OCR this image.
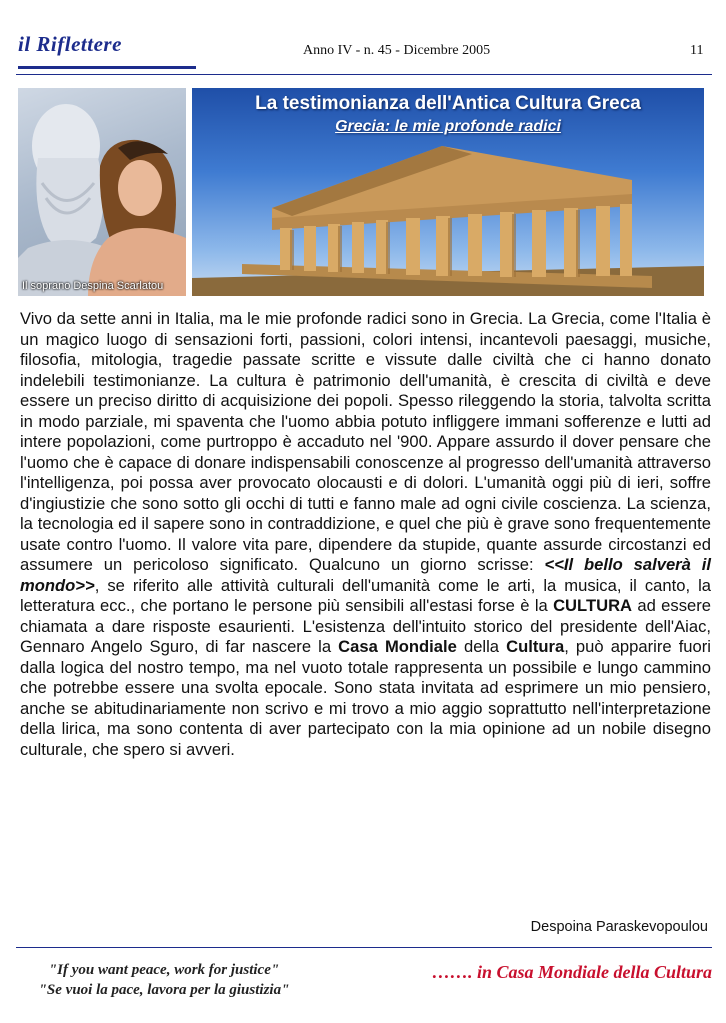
il Riflettere	Anno IV - n. 45 - Dicembre 2005	11
Il soprano Despina Scarlatou
La testimonianza dell'Antica Cultura Greca
Grecia: le mie profonde radici

Vivo da sette anni in Italia, ma le mie profonde radici sono in Grecia. La Grecia, come l'Italia è un magico luogo di sensazioni forti, passioni, colori intensi, incantevoli paesaggi, musiche, filosofia, mitologia, tragedie passate scritte e vissute dalle civiltà che ci hanno donato indelebili testimonianze. La cultura è patrimonio dell'umanità, è crescita di civiltà e deve essere un preciso diritto di acquisizione dei popoli. Spesso rileggendo la storia, talvolta scritta in modo parziale, mi spaventa che l'uomo abbia potuto infliggere immani sofferenze e lutti ad intere popolazioni, come purtroppo è accaduto nel '900. Appare assurdo il dover pensare che l'uomo che è capace di donare indispensabili conoscenze al progresso dell'umanità attraverso l'intelligenza, poi possa aver provocato olocausti e di dolori. L'umanità oggi più di ieri, soffre d'ingiustizie che sono sotto gli occhi di tutti e fanno male ad ogni civile coscienza. La scienza, la tecnologia ed il sapere sono in contraddizione, e quel che più è grave sono frequentemente usate contro l'uomo. Il valore vita pare, dipendere da stupide, quante assurde circostanzi ed assumere un pericoloso significato. Qualcuno un giorno scrisse: <<Il bello salverà il mondo>>, se riferito alle attività culturali dell'umanità come le arti, la musica, il canto, la letteratura ecc., che portano le persone più sensibili all'estasi forse è la CULTURA ad essere chiamata a dare risposte esaurienti. L'esistenza dell'intuito storico del presidente dell'Aiac, Gennaro Angelo Sguro, di far nascere la Casa Mondiale della Cultura, può apparire fuori dalla logica del nostro tempo, ma nel vuoto totale rappresenta un possibile e lungo cammino che potrebbe essere una svolta epocale. Sono stata invitata ad esprimere un mio pensiero, anche se abitudinariamente non scrivo e mi trovo a mio aggio soprattutto nell'interpretazione della lirica, ma sono contenta di aver partecipato con la mia opinione ad un nobile disegno culturale, che spero si avveri.

Despoina Paraskevopoulou
"If you want peace, work for justice"
"Se vuoi la pace, lavora per la giustizia"
……. in Casa Mondiale della Cultura
